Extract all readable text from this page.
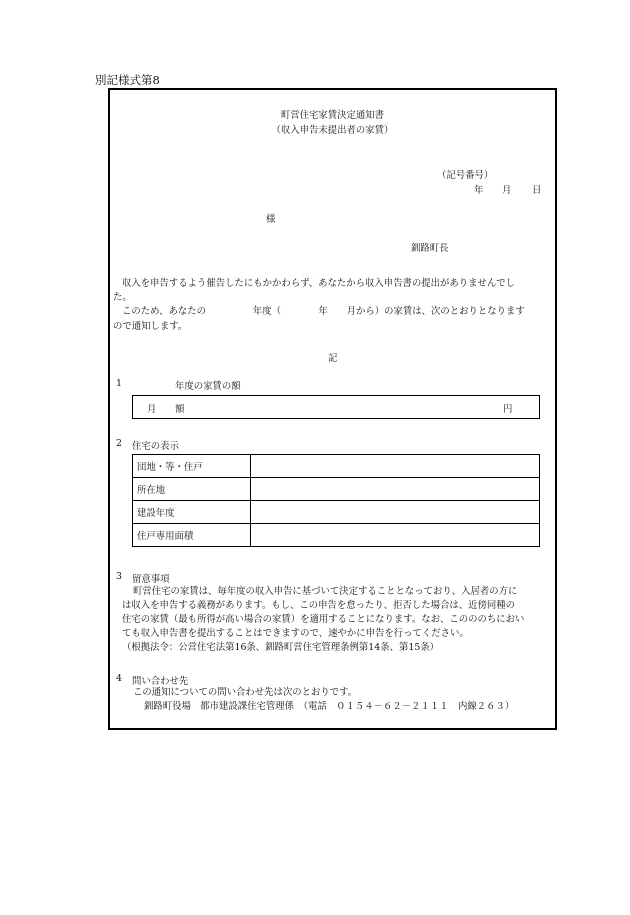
別記様式第8
町営住宅家賃決定通知書
（収入申告未提出者の家賃）
（記号番号）
年 月 日
様
釧路町長
収入を申告するよう催告したにもかかわらず、あなたから収入申告書の提出がありませんでし
た。
このため、あなたの　　　　　年度（　　　　年　　月から）の家賃は、次のとおりとなります
ので通知します。
記
1	年度の家賃の額
月　　額	円
2 住宅の表示
団地・等・住戸	
所在地	
建設年度	
住戸専用面積	
3 留意事項
町営住宅の家賃は、毎年度の収入申告に基づいて決定することとなっており、入居者の方に
は収入を申告する義務があります。もし、この申告を怠ったり、拒否した場合は、近傍同種の
住宅の家賃（最も所得が高い場合の家賃）を適用することになります。なお、このののちにおい
ても収入申告書を提出することはできますので、速やかに申告を行ってください。
（根拠法令：公営住宅法第16条、釧路町営住宅管理条例第14条、第15条）
4 問い合わせ先
この通知についての問い合わせ先は次のとおりです。
釧路町役場　都市建設課住宅管理係　（電話　０１５４－６２－２１１１　内線２６３）
